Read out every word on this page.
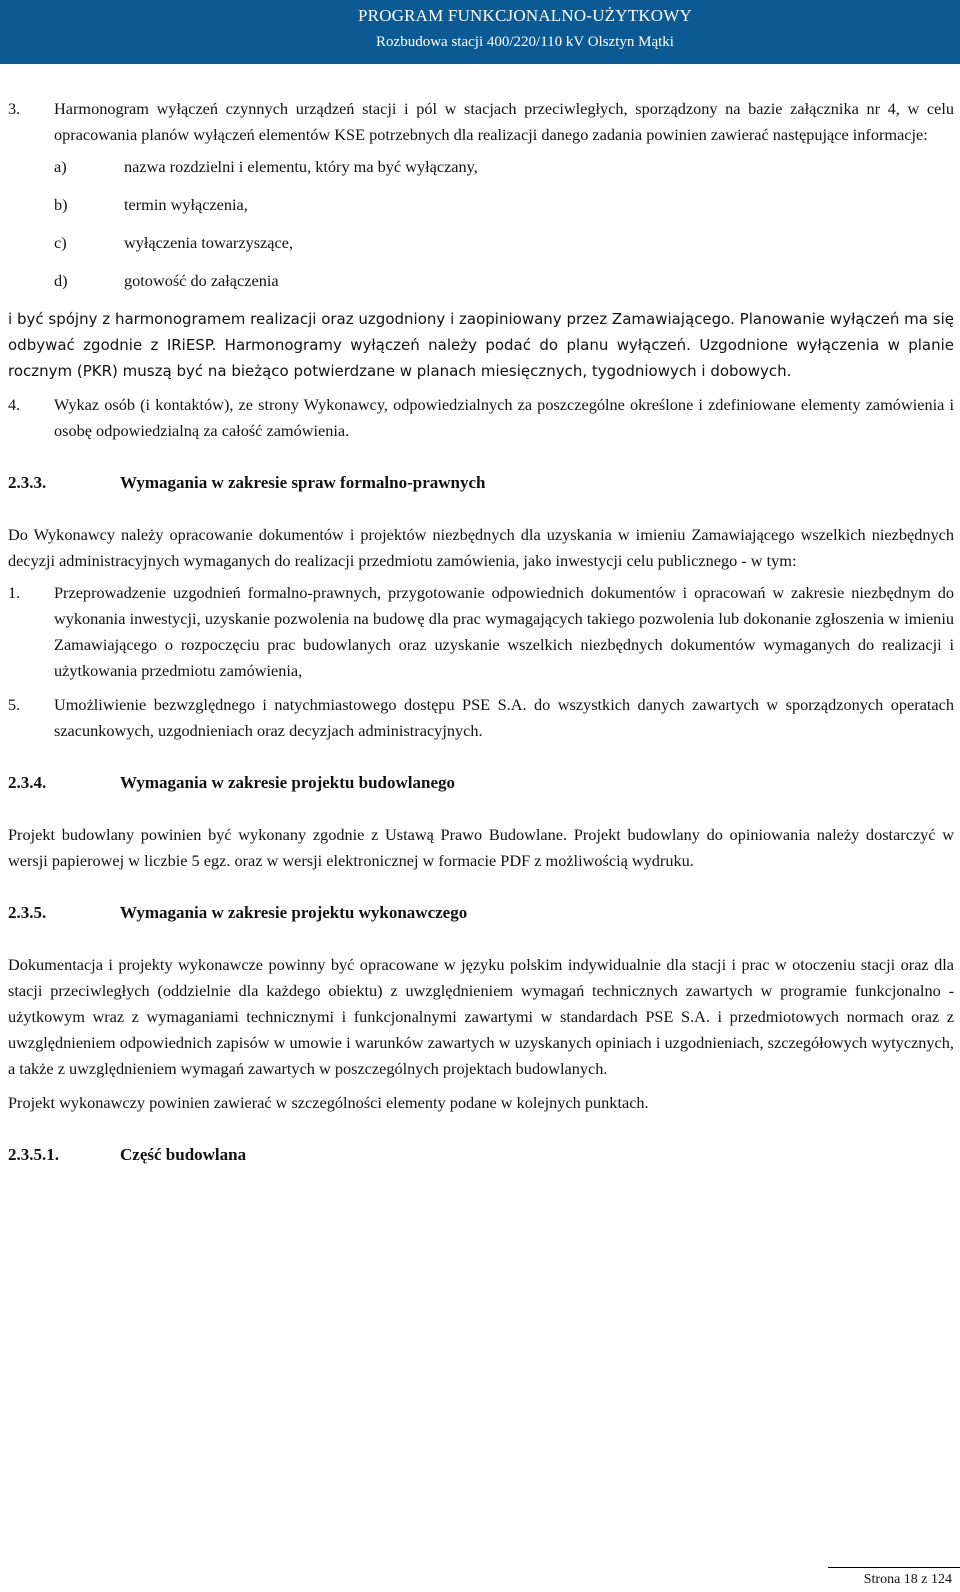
PROGRAM FUNKCJONALNO-UŻYTKOWY
Rozbudowa stacji 400/220/110 kV Olsztyn Mątki
3. Harmonogram wyłączeń czynnych urządzeń stacji i pól w stacjach przeciwległych, sporządzony na bazie załącznika nr 4, w celu opracowania planów wyłączeń elementów KSE potrzebnych dla realizacji danego zadania powinien zawierać następujące informacje:

a)	nazwa rozdzielni i elementu, który ma być wyłączany,
b)	termin wyłączenia,
c)	wyłączenia towarzyszące,
d)	gotowość do załączenia

i być spójny z harmonogramem realizacji oraz uzgodniony i zaopiniowany przez Zamawiającego. Planowanie wyłączeń ma się odbywać zgodnie z IRiESP. Harmonogramy wyłączeń należy podać do planu wyłączeń. Uzgodnione wyłączenia w planie rocznym (PKR) muszą być na bieżąco potwierdzane w planach miesięcznych, tygodniowych i dobowych.

4. Wykaz osób (i kontaktów), ze strony Wykonawcy, odpowiedzialnych za poszczególne określone i zdefiniowane elementy zamówienia i osobę odpowiedzialną za całość zamówienia.

2.3.3.	Wymagania w zakresie spraw formalno-prawnych

Do Wykonawcy należy opracowanie dokumentów i projektów niezbędnych dla uzyskania w imieniu Zamawiającego wszelkich niezbędnych decyzji administracyjnych wymaganych do realizacji przedmiotu zamówienia, jako inwestycji celu publicznego - w tym:

1. Przeprowadzenie uzgodnień formalno-prawnych, przygotowanie odpowiednich dokumentów i opracowań w zakresie niezbędnym do wykonania inwestycji, uzyskanie pozwolenia na budowę dla prac wymagających takiego pozwolenia lub dokonanie zgłoszenia w imieniu Zamawiającego o rozpoczęciu prac budowlanych oraz uzyskanie wszelkich niezbędnych dokumentów wymaganych do realizacji i użytkowania przedmiotu zamówienia,

5. Umożliwienie bezwzględnego i natychmiastowego dostępu PSE S.A. do wszystkich danych zawartych w sporządzonych operatach szacunkowych, uzgodnieniach oraz decyzjach administracyjnych.

2.3.4.	Wymagania w zakresie projektu budowlanego

Projekt budowlany powinien być wykonany zgodnie z Ustawą Prawo Budowlane. Projekt budowlany do opiniowania należy dostarczyć w wersji papierowej w liczbie 5 egz. oraz w wersji elektronicznej w formacie PDF z możliwością wydruku.

2.3.5.	Wymagania w zakresie projektu wykonawczego

Dokumentacja i projekty wykonawcze powinny być opracowane w języku polskim indywidualnie dla stacji i prac w otoczeniu stacji oraz dla stacji przeciwległych (oddzielnie dla każdego obiektu) z uwzględnieniem wymagań technicznych zawartych w programie funkcjonalno - użytkowym wraz z wymaganiami technicznymi i funkcjonalnymi zawartymi w standardach PSE S.A. i przedmiotowych normach oraz z uwzględnieniem odpowiednich zapisów w umowie i warunków zawartych w uzyskanych opiniach i uzgodnieniach, szczegółowych wytycznych, a także z uwzględnieniem wymagań zawartych w poszczególnych projektach budowlanych.

Projekt wykonawczy powinien zawierać w szczególności elementy podane w kolejnych punktach.

2.3.5.1.	Część budowlana
Strona 18 z 124
